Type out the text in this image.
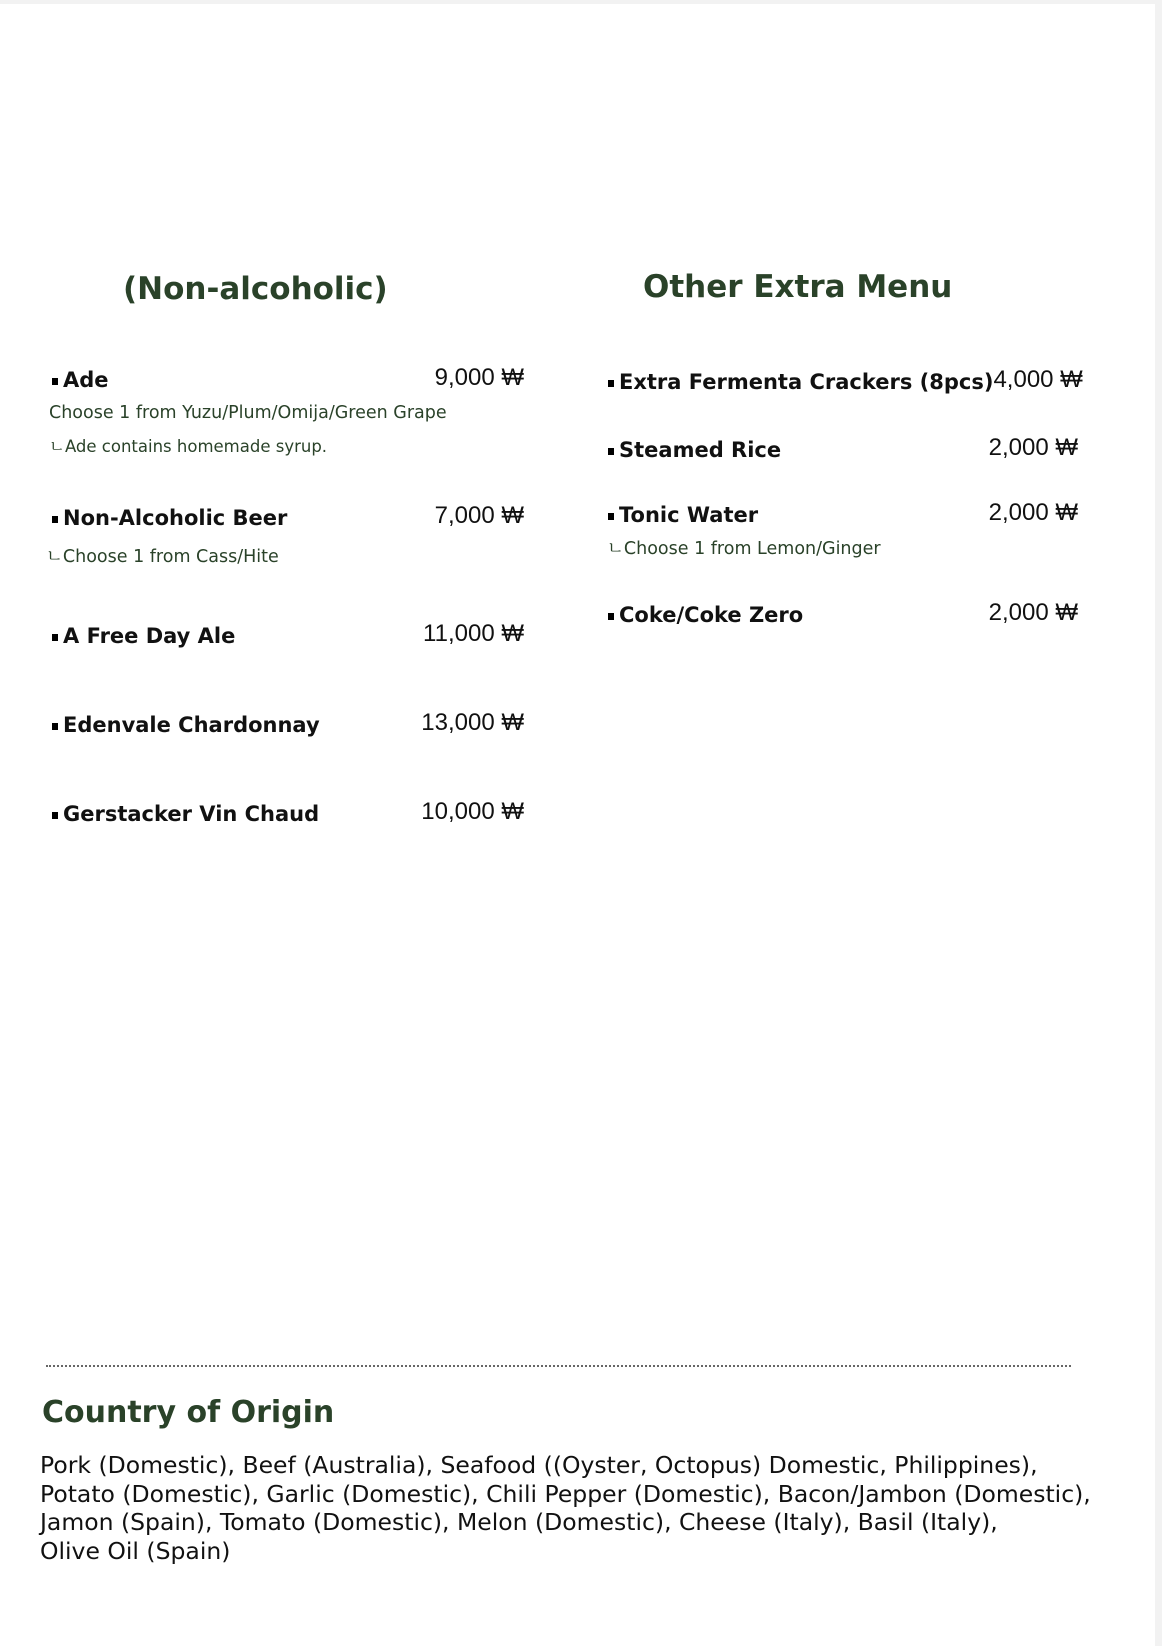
(Non-alcoholic)
Ade	9,000 ₩
Choose 1 from Yuzu/Plum/Omija/Green Grape
ㄴAde contains homemade syrup.
Non-Alcoholic Beer	7,000 ₩
ㄴChoose 1 from Cass/Hite
A Free Day Ale	11,000 ₩
Edenvale Chardonnay	13,000 ₩
Gerstacker Vin Chaud	10,000 ₩
Other Extra Menu
Extra Fermenta Crackers (8pcs) 4,000 ₩
Steamed Rice	2,000 ₩
Tonic Water	2,000 ₩
ㄴChoose 1 from Lemon/Ginger
Coke/Coke Zero	2,000 ₩
Country of Origin
Pork (Domestic), Beef (Australia), Seafood ((Oyster, Octopus) Domestic, Philippines),
Potato (Domestic), Garlic (Domestic), Chili Pepper (Domestic), Bacon/Jambon (Domestic),
Jamon (Spain), Tomato (Domestic), Melon (Domestic), Cheese (Italy), Basil (Italy),
Olive Oil (Spain)
